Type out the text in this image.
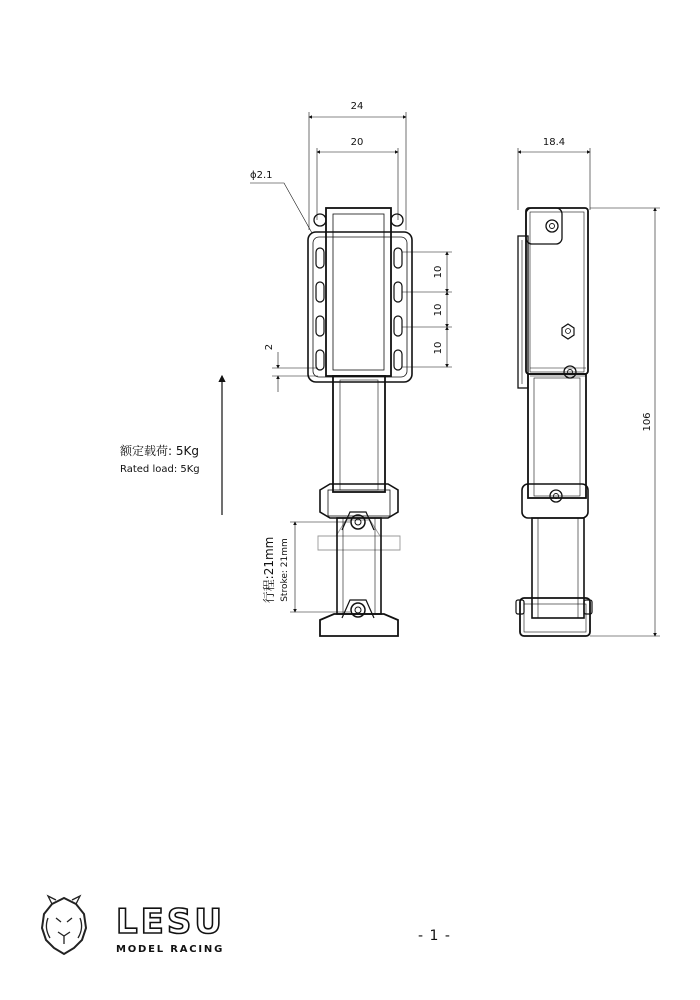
24
20
ϕ2.1
10
10
10
2
18.4
106
额定载荷: 5Kg
Rated load: 5Kg
行程:21mm Stroke: 21mm
LESU
MODEL RACING
- 1 -
